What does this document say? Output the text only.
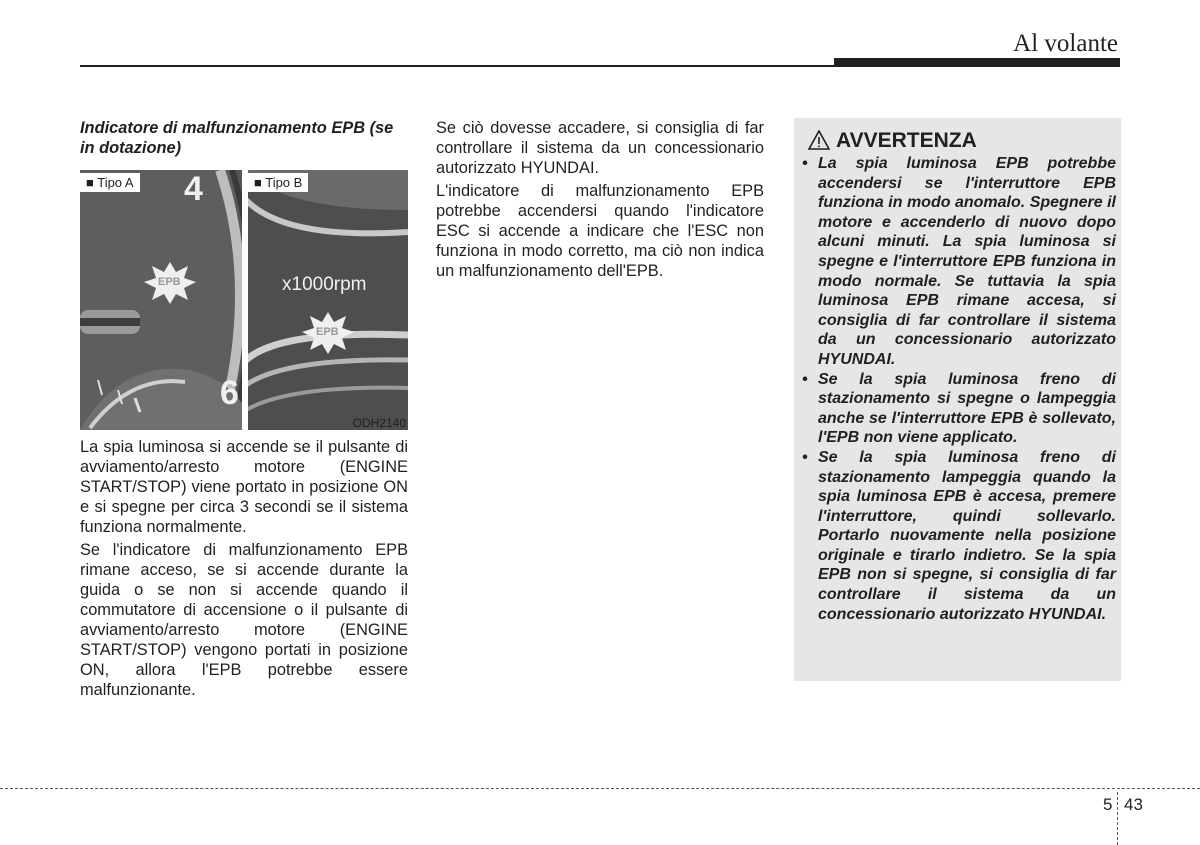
Al volante
Indicatore di malfunzionamento EPB (se in dotazione)
■ Tipo A	■ Tipo B
4
6
x1000rpm
EPB
EPB
ODH2140

La spia luminosa si accende se il pulsante di avviamento/arresto motore (ENGINE START/STOP) viene portato in posizione ON e si spegne per circa 3 secondi se il sistema funziona normalmente.

Se l'indicatore di malfunzionamento EPB rimane acceso, se si accende durante la guida o se non si accende quando il commutatore di accensione o il pulsante di avviamento/arresto motore (ENGINE START/STOP) vengono portati in posizione ON, allora l'EPB potrebbe essere malfunzionante.

Se ciò dovesse accadere, si consiglia di far controllare il sistema da un concessionario autorizzato HYUNDAI.

L'indicatore di malfunzionamento EPB potrebbe accendersi quando l'indicatore ESC si accende a indicare che l'ESC non funziona in modo corretto, ma ciò non indica un malfunzionamento dell'EPB.

AVVERTENZA
• La spia luminosa EPB potrebbe accendersi se l'interruttore EPB funziona in modo anomalo. Spegnere il motore e accenderlo di nuovo dopo alcuni minuti. La spia luminosa si spegne e l'interruttore EPB funziona in modo normale. Se tuttavia la spia luminosa EPB rimane accesa, si consiglia di far controllare il sistema da un concessionario autorizzato HYUNDAI.
• Se la spia luminosa freno di stazionamento si spegne o lampeggia anche se l'interruttore EPB è sollevato, l'EPB non viene applicato.
• Se la spia luminosa freno di stazionamento lampeggia quando la spia luminosa EPB è accesa, premere l'interruttore, quindi sollevarlo. Portarlo nuovamente nella posizione originale e tirarlo indietro. Se la spia EPB non si spegne, si consiglia di far controllare il sistema da un concessionario autorizzato HYUNDAI.
5 43
